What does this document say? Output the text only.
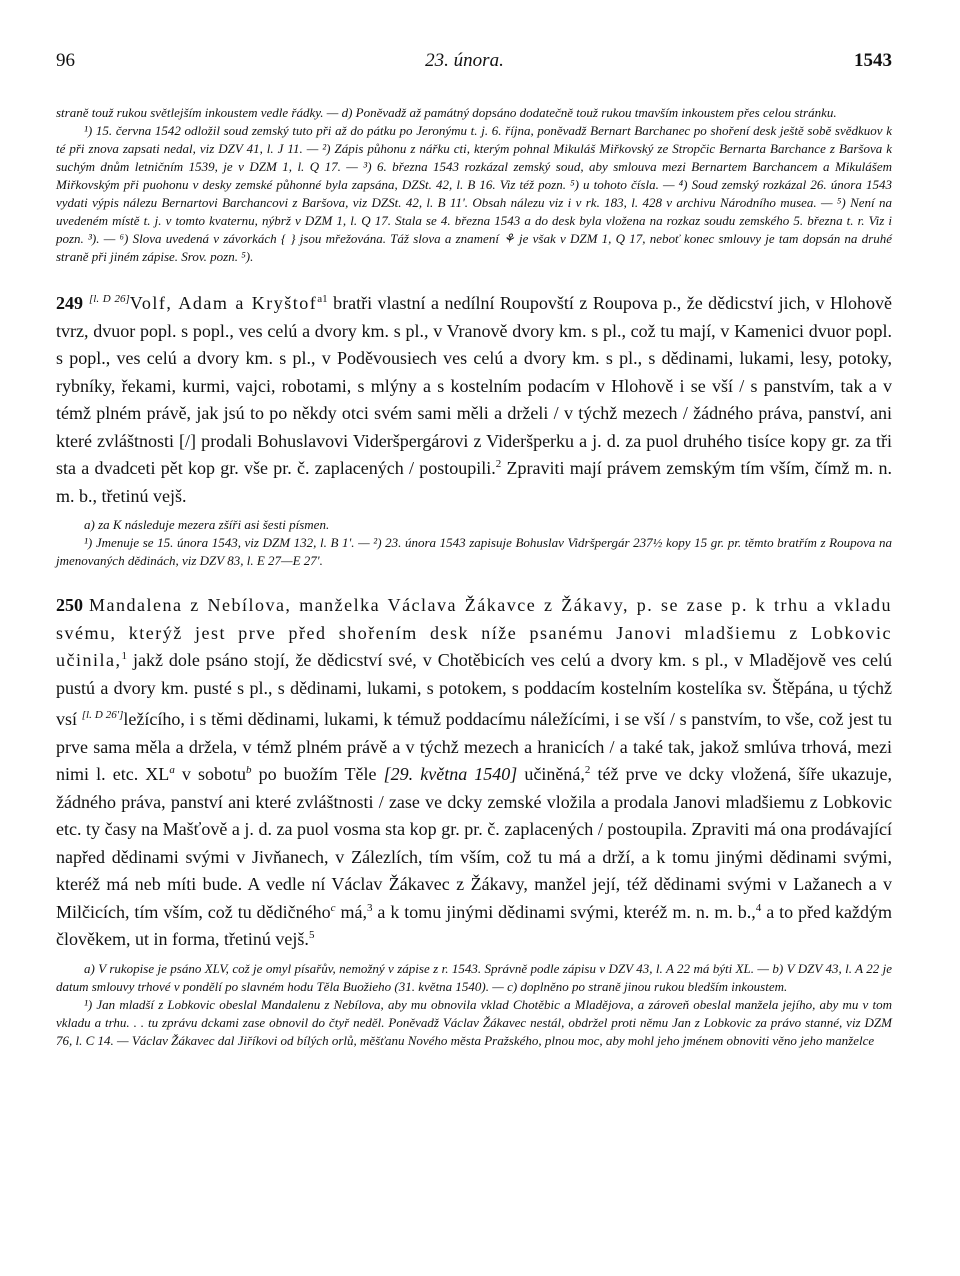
96	23. února.	1543

straně touž rukou světlejším inkoustem vedle řádky. — d) Poněvadž až památný dopsáno dodatečně touž rukou tmavším inkoustem přes celou stránku.

¹) 15. června 1542 odložil soud zemský tuto při až do pátku po Jeronýmu t. j. 6. října, poněvadž Bernart Barchanec po shoření desk ještě sobě svědkuov k té při znova zapsati nedal, viz DZV 41, l. J 11. — ²) Zápis půhonu z nářku cti, kterým pohnal Mikuláš Miřkovský ze Stropčic Bernarta Barchance z Baršova k suchým dnům letničním 1539, je v DZM 1, l. Q 17. — ³) 6. března 1543 rozkázal zemský soud, aby smlouva mezi Bernartem Barchancem a Mikulášem Miřkovským při puohonu v desky zemské půhonné byla zapsána, DZSt. 42, l. B 16. Viz též pozn. ⁵) u tohoto čísla. — ⁴) Soud zemský rozkázal 26. února 1543 vydati výpis nálezu Bernartovi Barchancovi z Baršova, viz DZSt. 42, l. B 11'. Obsah nálezu viz i v rk. 183, l. 428 v archivu Národního musea. — ⁵) Není na uvedeném místě t. j. v tomto kvaternu, nýbrž v DZM 1, l. Q 17. Stala se 4. března 1543 a do desk byla vložena na rozkaz soudu zemského 5. března t. r. Viz i pozn. ³). — ⁶) Slova uvedená v závorkách { } jsou mřežována. Táž slova a znamení ⚘ je však v DZM 1, Q 17, neboť konec smlouvy je tam dopsán na druhé straně při jiném zápise. Srov. pozn. ⁵).

249 [l. D 26]Volf, Adam a Kryštof$^{a1}$ bratři vlastní a nedílní Roupovští z Roupova p., že dědicství jich, v Hlohově tvrz, dvuor popl. s popl., ves celú a dvory km. s pl., v Vranově dvory km. s pl., což tu mají, v Kamenici dvuor popl. s popl., ves celú a dvory km. s pl., v Poděvousiech ves celú a dvory km. s pl., s dědinami, lukami, lesy, potoky, rybníky, řekami, kurmi, vajci, robotami, s mlýny a s kostelním podacím v Hlohově i se vší / s panstvím, tak a v témž plném právě, jak jsú to po někdy otci svém sami měli a drželi / v týchž mezech / žádného práva, panství, ani které zvláštnosti [/] prodali Bohuslavovi Videršpergárovi z Videršperku a j. d. za puol druhého tisíce kopy gr. za tři sta a dvadceti pět kop gr. vše pr. č. zaplacených / postoupili.$^2$ Zpraviti mají právem zemským tím vším, čímž m. n. m. b., třetinú vejš.

a) za K následuje mezera zšíři asi šesti písmen.

¹) Jmenuje se 15. února 1543, viz DZM 132, l. B 1'. — ²) 23. února 1543 zapisuje Bohuslav Vidršpergár 237½ kopy 15 gr. pr. těmto bratřím z Roupova na jmenovaných dědinách, viz DZV 83, l. E 27—E 27'.

250 Mandalena z Nebílova, manželka Václava Žákavce z Žákavy, p. se zase p. k trhu a vkladu svému, kterýž jest prve před shořením desk níže psanému Janovi mladšiemu z Lobkovic učinila,$^1$ jakž dole psáno stojí, že dědicství své, v Chotěbicích ves celú a dvory km. s pl., v Mladějově ves celú pustú a dvory km. pusté s pl., s dědinami, lukami, s potokem, s poddacím kostelním kostelíka sv. Štěpána, u týchž vsí [l. D 26']ležícího, i s těmi dědinami, lukami, k témuž poddacímu náležícími, i se vší / s panstvím, to vše, což jest tu prve sama měla a držela, v témž plném právě a v týchž mezech a hranicích / a také tak, jakož smlúva trhová, mezi nimi l. etc. $XL^a$ v sobotu$^b$ po buožím Těle [29. května 1540] učiněná,$^2$ též prve ve dcky vložená, šíře ukazuje, žádného práva, panství ani které zvláštnosti / zase ve dcky zemské vložila a prodala Janovi mladšiemu z Lobkovic etc. ty časy na Mašťově a j. d. za puol vosma sta kop gr. pr. č. zaplacených / postoupila. Zpraviti má ona prodávající napřed dědinami svými v Jivňanech, v Zálezlích, tím vším, což tu má a drží, a k tomu jinými dědinami svými, kteréž má neb míti bude. A vedle ní Václav Žákavec z Žákavy, manžel její, též dědinami svými v Lažanech a v Milčicích, tím vším, což tu dědičného$^c$ má,$^3$ a k tomu jinými dědinami svými, kteréž m. n. m. b.,$^4$ a to před každým člověkem, ut in forma, třetinú vejš.$^5$

a) V rukopise je psáno XLV, což je omyl písařův, nemožný v zápise z r. 1543. Správně podle zápisu v DZV 43, l. A 22 má býti XL. — b) V DZV 43, l. A 22 je datum smlouvy trhové v pondělí po slavném hodu Těla Buožieho (31. května 1540). — c) doplněno po straně jinou rukou bledším inkoustem.

¹) Jan mladší z Lobkovic obeslal Mandalenu z Nebílova, aby mu obnovila vklad Chotěbic a Mladějova, a zároveň obeslal manžela jejího, aby mu v tom vkladu a trhu. . . tu zprávu dckami zase obnovil do čtyř neděl. Poněvadž Václav Žákavec nestál, obdržel proti němu Jan z Lobkovic za právo stanné, viz DZM 76, l. C 14. — Václav Žákavec dal Jiříkovi od bílých orlů, měšťanu Nového města Pražského, plnou moc, aby mohl jeho jménem obnoviti věno jeho manželce
